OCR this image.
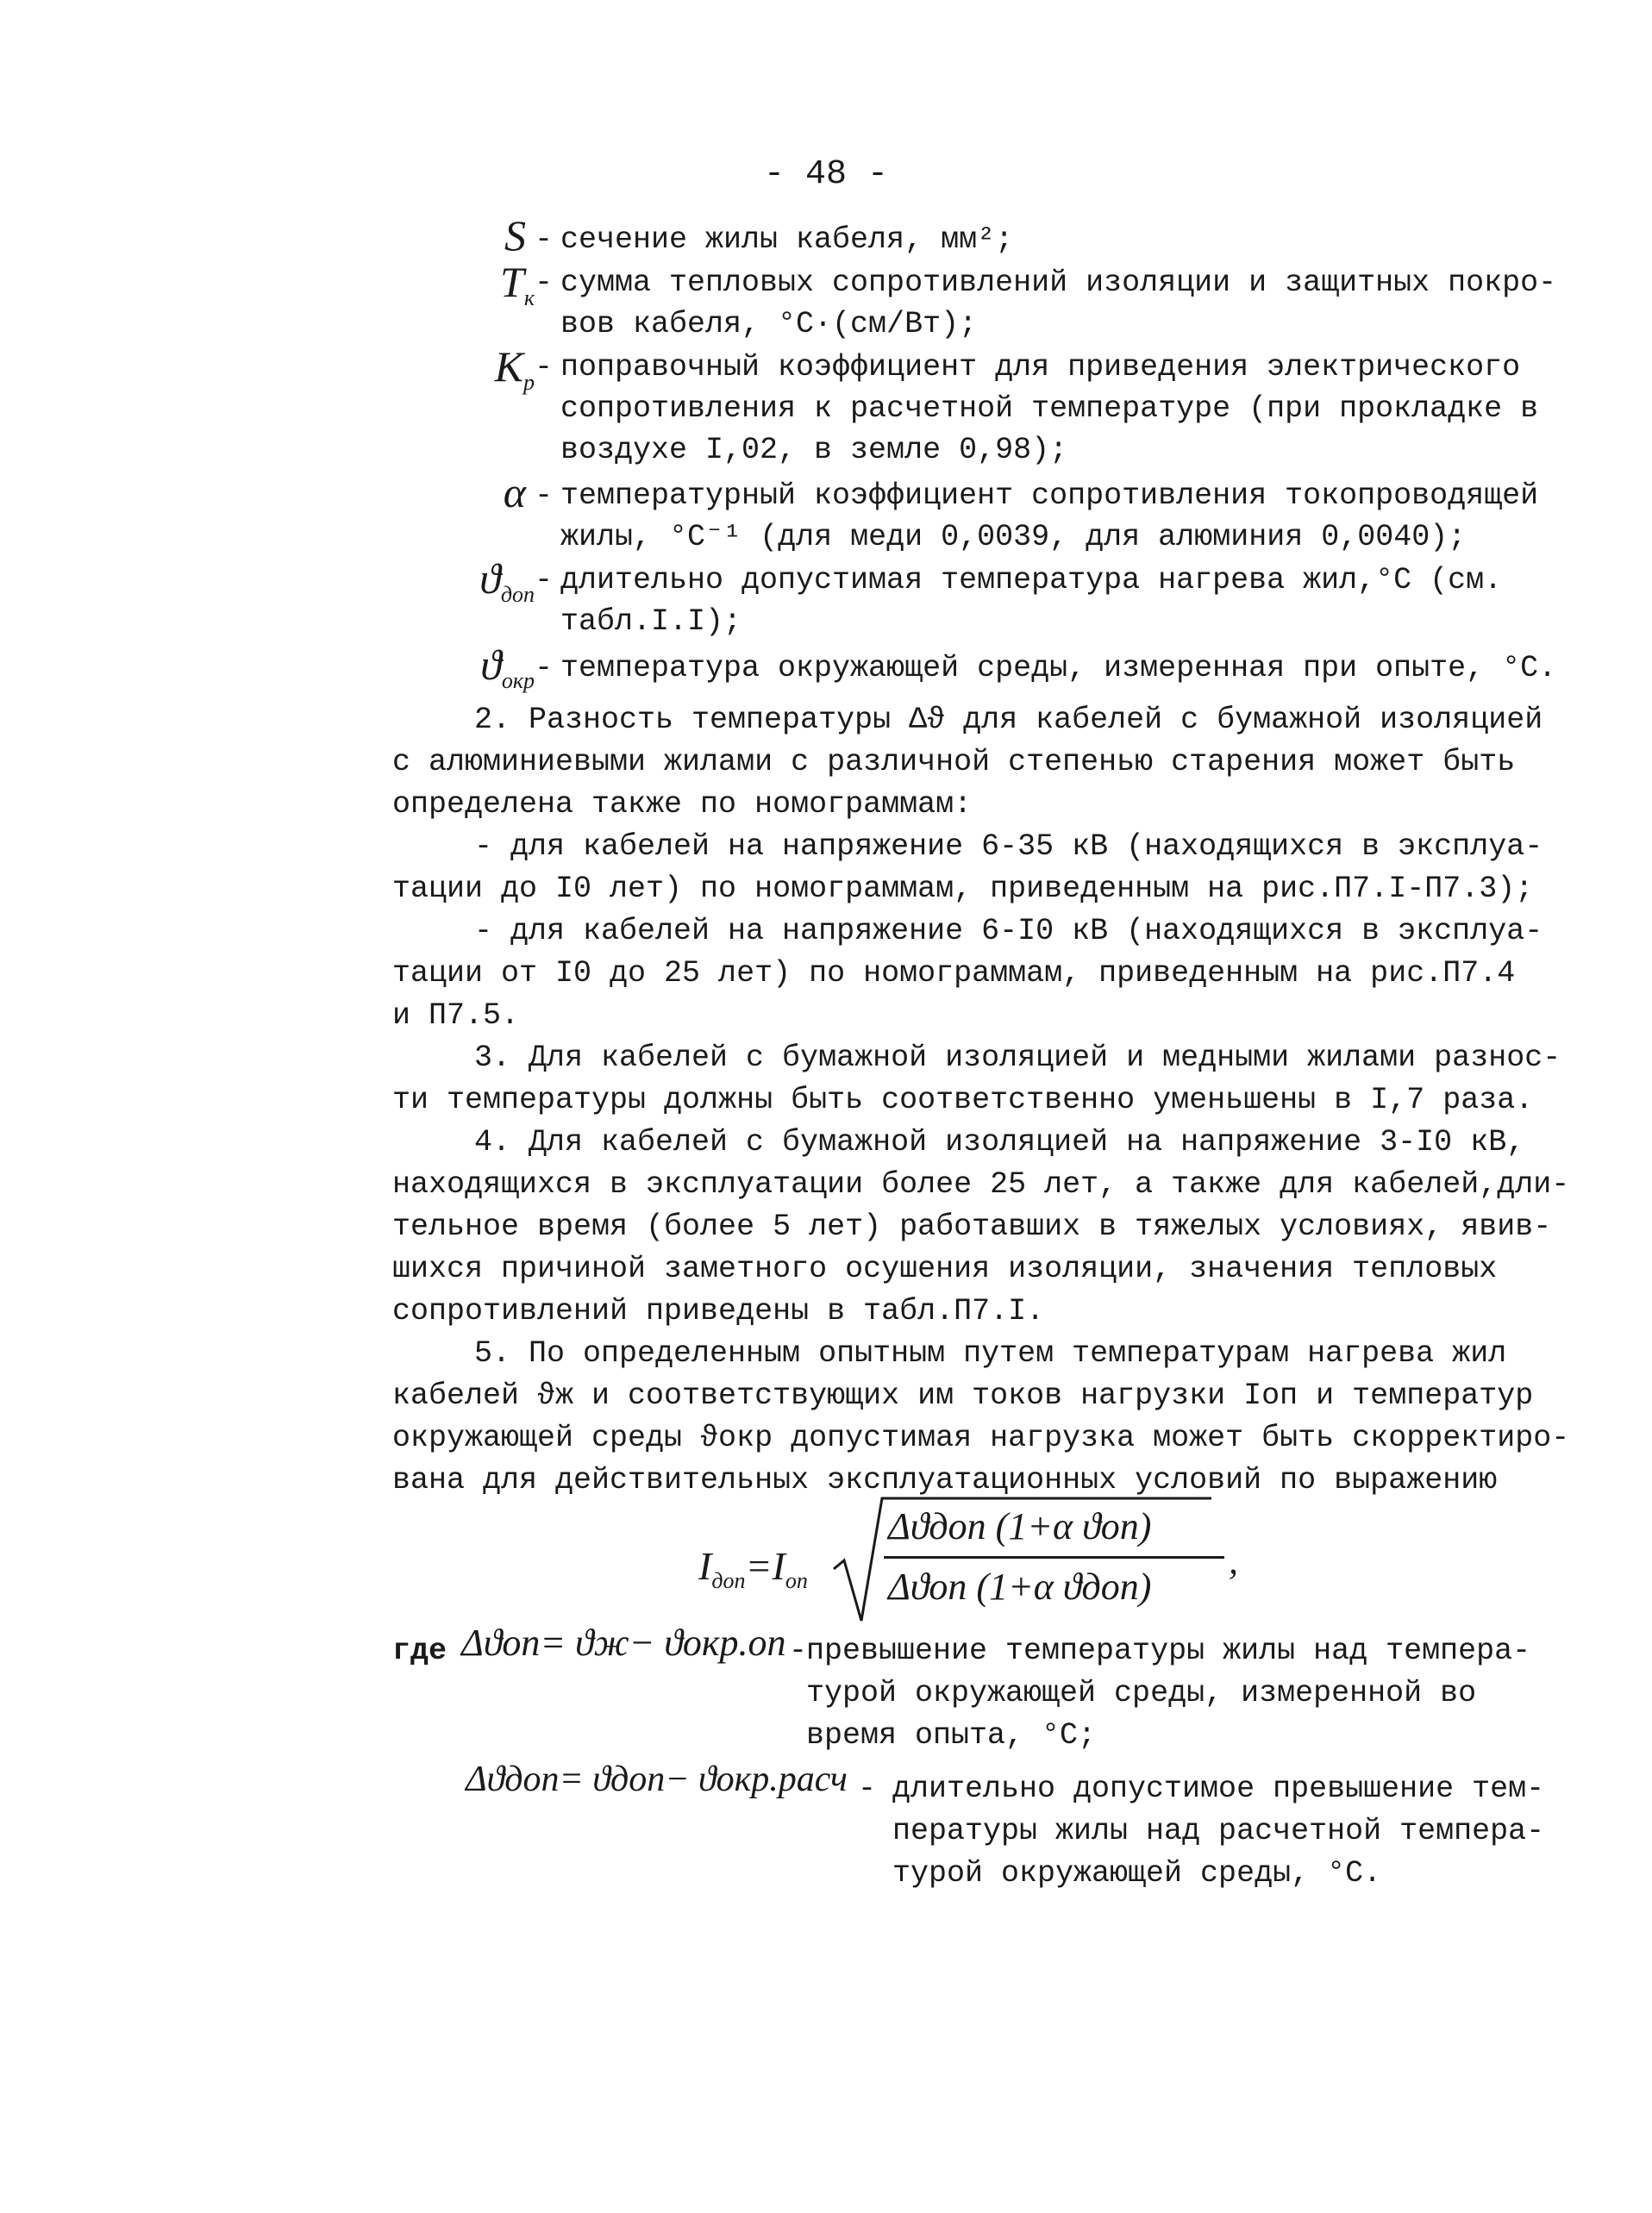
- 48 -
S - сечение жилы кабеля, мм²;
$T_к$ - сумма тепловых сопротивлений изоляции и защитных покро-
вов кабеля, °С·(см/Вт);
$K_р$ - поправочный коэффициент для приведения электрического
сопротивления к расчетной температуре (при прокладке в
воздухе I,02, в земле 0,98);
α - температурный коэффициент сопротивления токопроводящей
жилы, °С⁻¹ (для меди 0,0039, для алюминия 0,0040);
$ϑ_{доп}$ - длительно допустимая температура нагрева жил,°С (см.
табл.I.I);
$ϑ_{окр}$ - температура окружающей среды, измеренная при опыте, °С.
2. Разность температуры Δϑ для кабелей с бумажной изоляцией
с алюминиевыми жилами с различной степенью старения может быть
определена также по номограммам:
- для кабелей на напряжение 6-35 кВ (находящихся в эксплуа-
тации до I0 лет) по номограммам, приведенным на рис.П7.I-П7.3);
- для кабелей на напряжение 6-I0 кВ (находящихся в эксплуа-
тации от I0 до 25 лет) по номограммам, приведенным на рис.П7.4
и П7.5.
3. Для кабелей с бумажной изоляцией и медными жилами разнос-
ти температуры должны быть соответственно уменьшены в I,7 раза.
4. Для кабелей с бумажной изоляцией на напряжение 3-I0 кВ,
находящихся в эксплуатации более 25 лет, а также для кабелей,дли-
тельное время (более 5 лет) работавших в тяжелых условиях, явив-
шихся причиной заметного осушения изоляции, значения тепловых
сопротивлений приведены в табл.П7.I.
5. По определенным опытным путем температурам нагрева жил
кабелей ϑж и соответствующих им токов нагрузки Iоп и температур
окружающей среды ϑокр допустимая нагрузка может быть скорректиро-
вана для действительных эксплуатационных условий по выражению
$I_{доп}=I_{оп}$
Δϑдоп (1+α ϑоп)
Δϑоп (1+α ϑдоп)
,
где Δϑоп= ϑж− ϑокр.оп -
превышение температуры жилы над темпера-
турой окружающей среды, измеренной во
время опыта, °С;
Δϑдоп= ϑдоп− ϑокр.расч - длительно допустимое превышение тем-
пературы жилы над расчетной темпера-
турой окружающей среды, °С.
